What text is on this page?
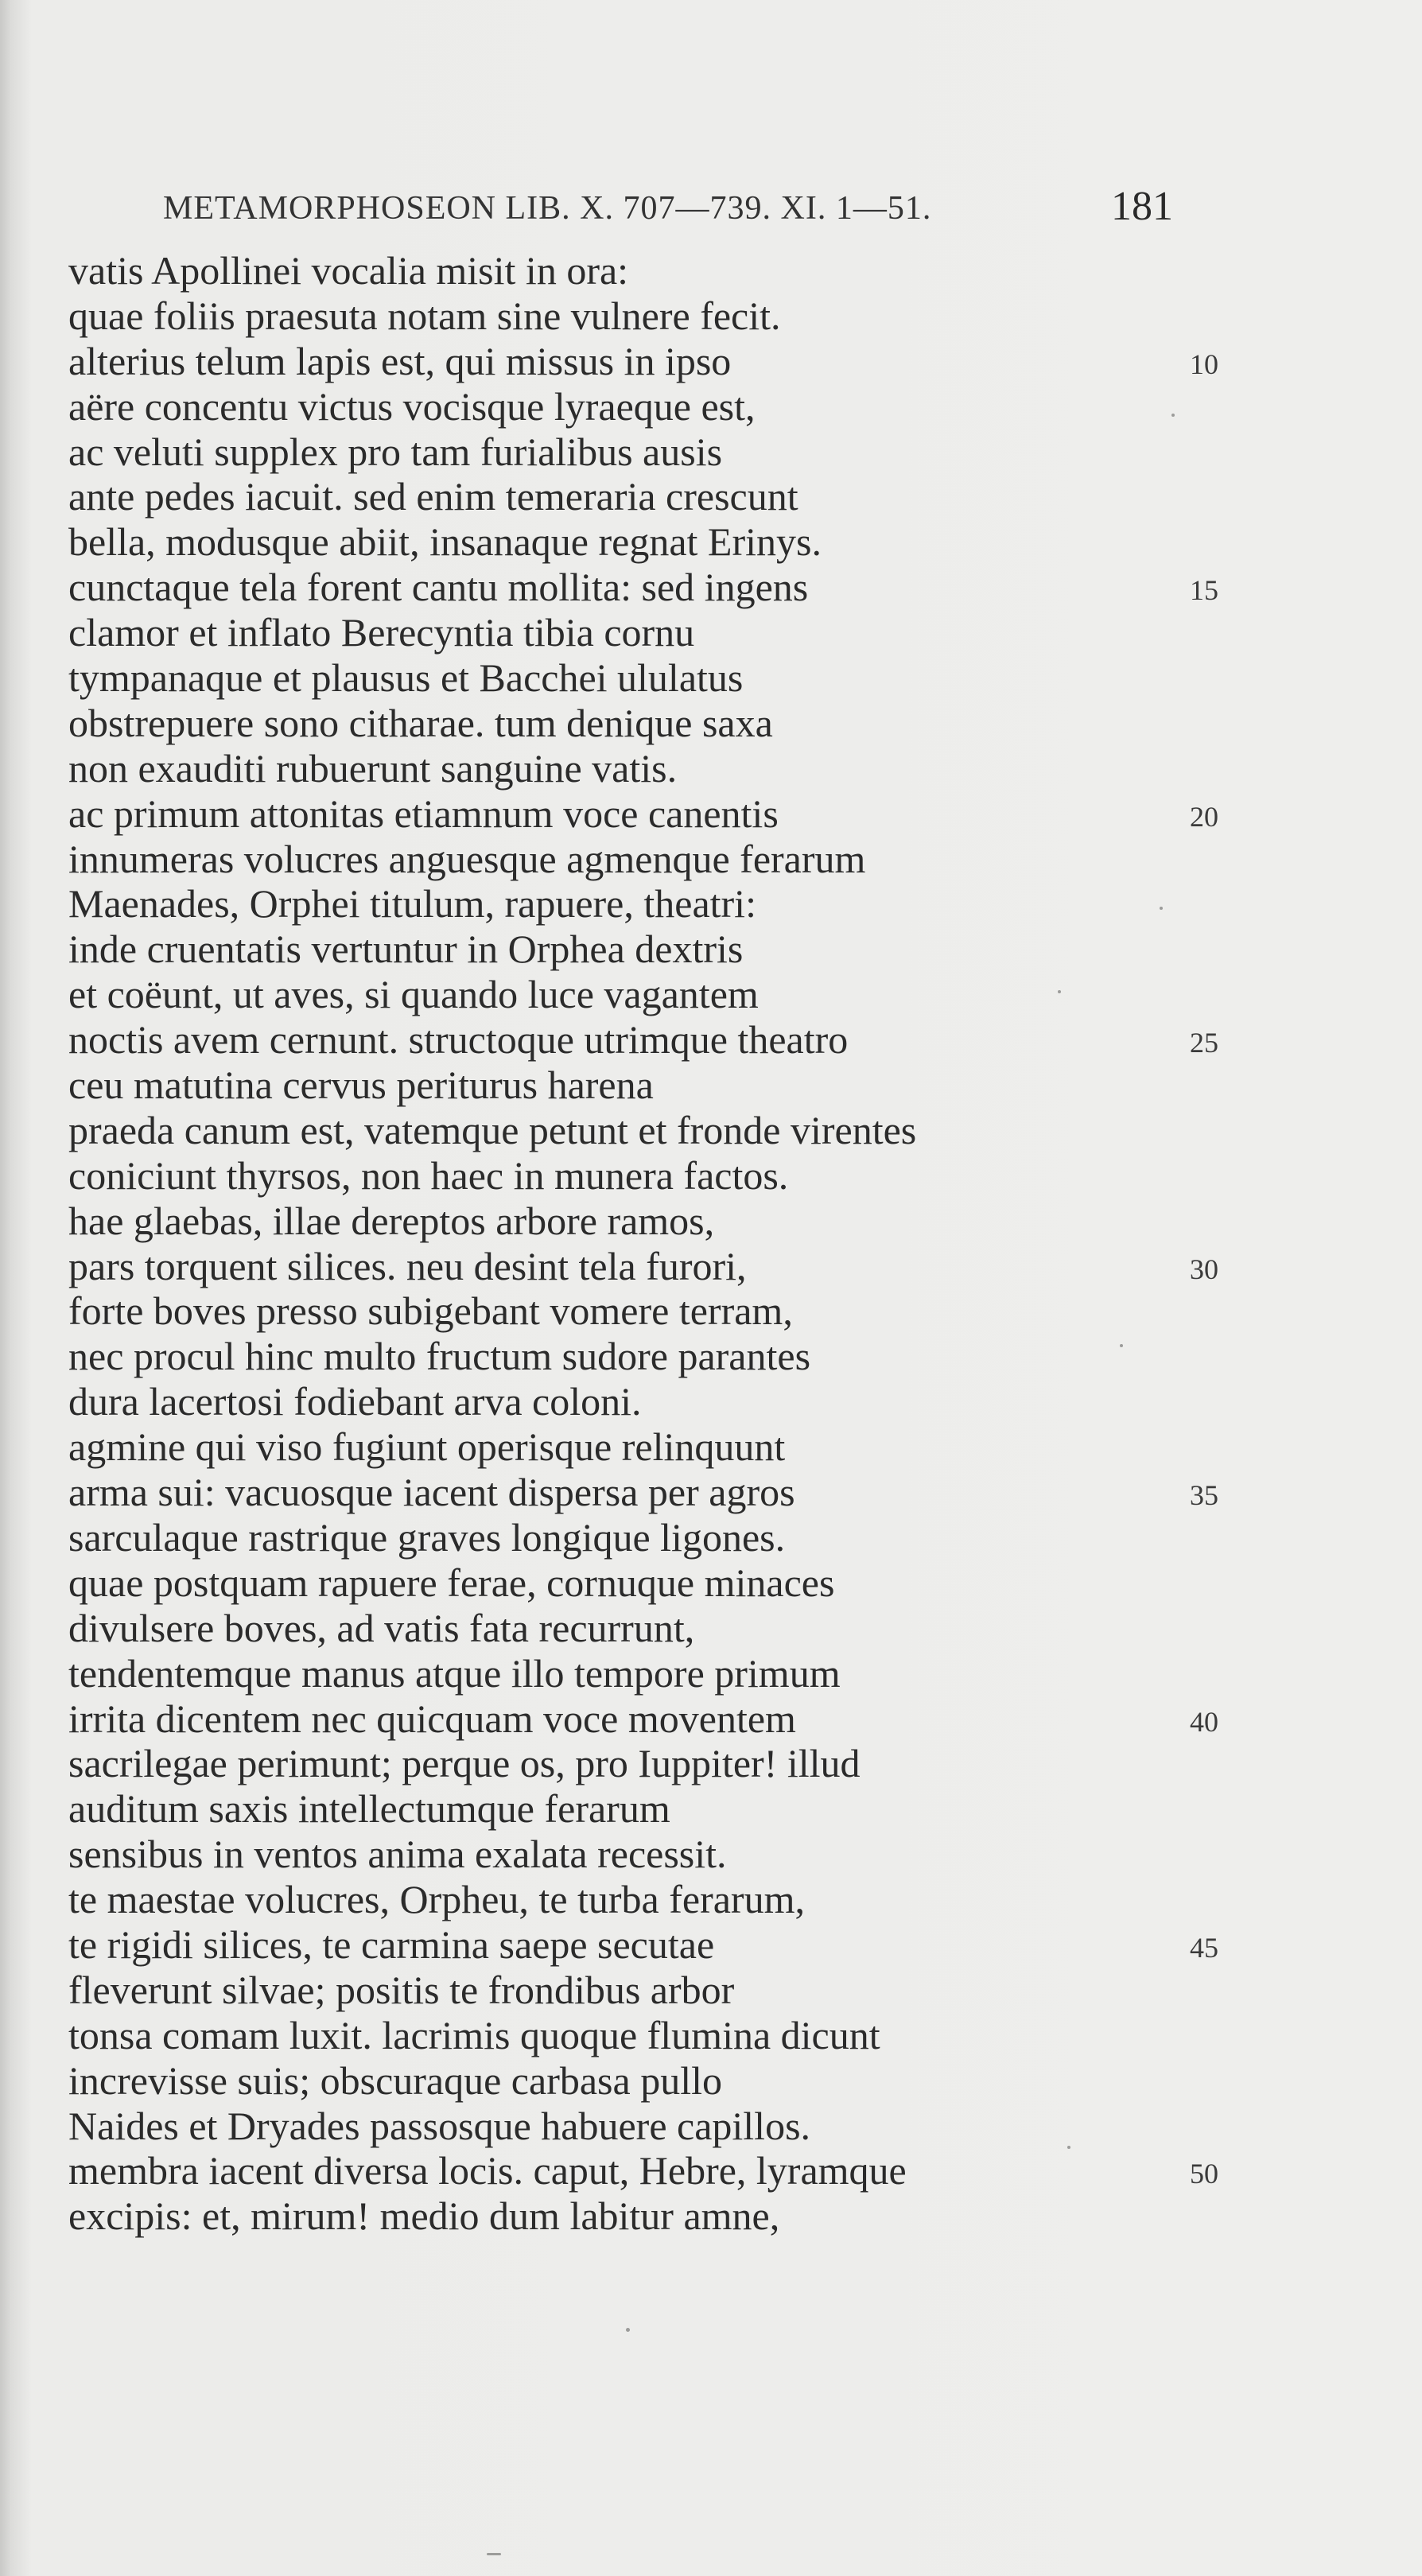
METAMORPHOSEON LIB. X. 707—739. XI. 1—51.	181
vatis Apollinei vocalia misit in ora:
quae foliis praesuta notam sine vulnere fecit.
alterius telum lapis est, qui missus in ipso	10
aëre concentu victus vocisque lyraeque est,
ac veluti supplex pro tam furialibus ausis
ante pedes iacuit. sed enim temeraria crescunt
bella, modusque abiit, insanaque regnat Erinys.
cunctaque tela forent cantu mollita: sed ingens	15
clamor et inflato Berecyntia tibia cornu
tympanaque et plausus et Bacchei ululatus
obstrepuere sono citharae. tum denique saxa
non exauditi rubuerunt sanguine vatis.
ac primum attonitas etiamnum voce canentis	20
innumeras volucres anguesque agmenque ferarum
Maenades, Orphei titulum, rapuere, theatri:
inde cruentatis vertuntur in Orphea dextris
et coëunt, ut aves, si quando luce vagantem
noctis avem cernunt. structoque utrimque theatro	25
ceu matutina cervus periturus harena
praeda canum est, vatemque petunt et fronde virentes
coniciunt thyrsos, non haec in munera factos.
hae glaebas, illae dereptos arbore ramos,
pars torquent silices. neu desint tela furori,	30
forte boves presso subigebant vomere terram,
nec procul hinc multo fructum sudore parantes
dura lacertosi fodiebant arva coloni.
agmine qui viso fugiunt operisque relinquunt
arma sui: vacuosque iacent dispersa per agros	35
sarculaque rastrique graves longique ligones.
quae postquam rapuere ferae, cornuque minaces
divulsere boves, ad vatis fata recurrunt,
tendentemque manus atque illo tempore primum
irrita dicentem nec quicquam voce moventem	40
sacrilegae perimunt; perque os, pro Iuppiter! illud
auditum saxis intellectumque ferarum
sensibus in ventos anima exalata recessit.
te maestae volucres, Orpheu, te turba ferarum,
te rigidi silices, te carmina saepe secutae	45
fleverunt silvae; positis te frondibus arbor
tonsa comam luxit. lacrimis quoque flumina dicunt
increvisse suis; obscuraque carbasa pullo
Naides et Dryades passosque habuere capillos.
membra iacent diversa locis. caput, Hebre, lyramque	50
excipis: et, mirum! medio dum labitur amne,
